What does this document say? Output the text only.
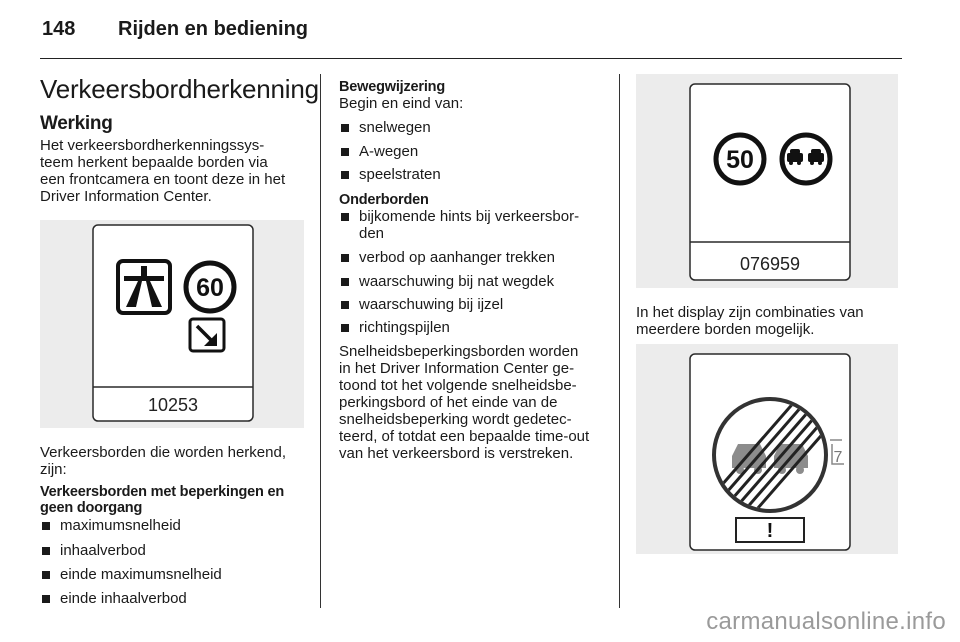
148 Rijden en bediening
Verkeersbordherkenning
Werking
Het verkeersbordherkenningssys-
teem herkent bepaalde borden via
een frontcamera en toont deze in het
Driver Information Center.
60
10253
Verkeersborden die worden herkend,
zijn:
Verkeersborden met beperkingen en
geen doorgang
maximumsnelheid
inhaalverbod
einde maximumsnelheid
einde inhaalverbod
Bewegwijzering
Begin en eind van:
snelwegen
A-wegen
speelstraten
Onderborden
bijkomende hints bij verkeersbor-
den
verbod op aanhanger trekken
waarschuwing bij nat wegdek
waarschuwing bij ijzel
richtingspijlen
Snelheidsbeperkingsborden worden
in het Driver Information Center ge-
toond tot het volgende snelheidsbe-
perkingsbord of het einde van de
snelheidsbeperking wordt gedetec-
teerd, of totdat een bepaalde time-out
van het verkeersbord is verstreken.
50
076959
In het display zijn combinaties van
meerdere borden mogelijk.
7
!
carmanualsonline.info
